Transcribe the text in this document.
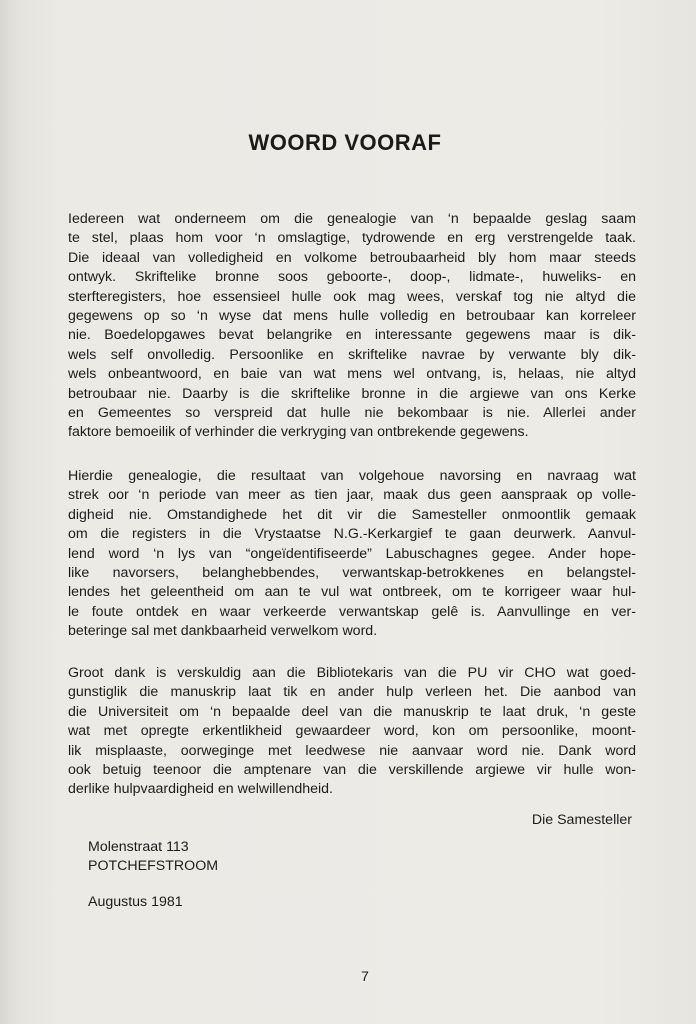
WOORD VOORAF

Iedereen wat onderneem om die genealogie van ‘n bepaalde geslag saam
te stel, plaas hom voor ‘n omslagtige, tydrowende en erg verstrengelde taak.
Die ideaal van volledigheid en volkome betroubaarheid bly hom maar steeds
ontwyk. Skriftelike bronne soos geboorte-, doop-, lidmate-, huweliks- en
sterfteregisters, hoe essensieel hulle ook mag wees, verskaf tog nie altyd die
gegewens op so ‘n wyse dat mens hulle volledig en betroubaar kan korreleer
nie. Boedelopgawes bevat belangrike en interessante gegewens maar is dik-
wels self onvolledig. Persoonlike en skriftelike navrae by verwante bly dik-
wels onbeantwoord, en baie van wat mens wel ontvang, is, helaas, nie altyd
betroubaar nie. Daarby is die skriftelike bronne in die argiewe van ons Kerke
en Gemeentes so verspreid dat hulle nie bekombaar is nie. Allerlei ander
faktore bemoeilik of verhinder die verkryging van ontbrekende gegewens.

Hierdie genealogie, die resultaat van volgehoue navorsing en navraag wat
strek oor ‘n periode van meer as tien jaar, maak dus geen aanspraak op volle-
digheid nie. Omstandighede het dit vir die Samesteller onmoontlik gemaak
om die registers in die Vrystaatse N.G.-Kerkargief te gaan deurwerk. Aanvul-
lend word ‘n lys van “ongeïdentifiseerde” Labuschagnes gegee. Ander hope-
like navorsers, belanghebbendes, verwantskap-betrokkenes en belangstel-
lendes het geleentheid om aan te vul wat ontbreek, om te korrigeer waar hul-
le foute ontdek en waar verkeerde verwantskap gelê is. Aanvullinge en ver-
beteringe sal met dankbaarheid verwelkom word.

Groot dank is verskuldig aan die Bibliotekaris van die PU vir CHO wat goed-
gunstiglik die manuskrip laat tik en ander hulp verleen het. Die aanbod van
die Universiteit om ‘n bepaalde deel van die manuskrip te laat druk, ‘n geste
wat met opregte erkentlikheid gewaardeer word, kon om persoonlike, moont-
lik misplaaste, oorweginge met leedwese nie aanvaar word nie. Dank word
ook betuig teenoor die amptenare van die verskillende argiewe vir hulle won-
derlike hulpvaardigheid en welwillendheid.

Die Samesteller

Molenstraat 113
POTCHEFSTROOM

Augustus 1981

7
